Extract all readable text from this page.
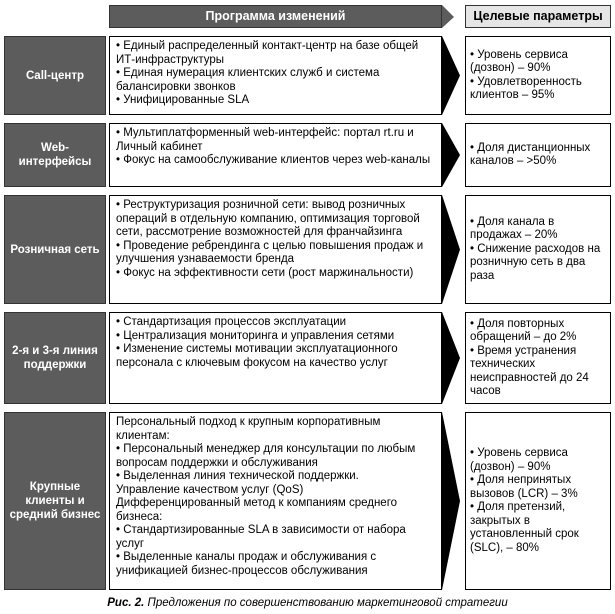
Программа изменений	Целевые параметры
Call-центр
• Единый распределенный контакт-центр на базе общей ИТ-инфраструктуры
• Единая нумерация клиентских служб и система балансировки звонков
• Унифицированные SLA
• Уровень сервиса (дозвон) – 90%
• Удовлетворенность клиентов – 95%
Web-интерфейсы
• Мультиплатформенный web-интерфейс: портал rt.ru и Личный кабинет
• Фокус на самообслуживание клиентов через web-каналы
• Доля дистанционных каналов – >50%
Розничная сеть
• Реструктуризация розничной сети: вывод розничных операций в отдельную компанию, оптимизация торговой сети, рассмотрение возможностей для франчайзинга
• Проведение ребрендинга с целью повышения продаж и улучшения узнаваемости бренда
• Фокус на эффективности сети (рост маржинальности)
• Доля канала в продажах – 20%
• Снижение расходов на розничную сеть в два раза
2-я и 3-я линия поддержки
• Стандартизация процессов эксплуатации
• Централизация мониторинга и управления сетями
• Изменение системы мотивации эксплуатационного персонала с ключевым фокусом на качество услуг
• Доля повторных обращений – до 2%
• Время устранения технических неисправностей до 24 часов
Крупные клиенты и средний бизнес
Персональный подход к крупным корпоративным клиентам:
• Персональный менеджер для консультации по любым вопросам поддержки и обслуживания
• Выделенная линия технической поддержки.
Управление качеством услуг (QoS)
Дифференцированный метод к компаниям среднего бизнеса:
• Стандартизированные SLA в зависимости от набора услуг
• Выделенные каналы продаж и обслуживания с унификацией бизнес-процессов обслуживания
• Уровень сервиса (дозвон) – 90%
• Доля непринятых вызовов (LCR) – 3%
• Доля претензий, закрытых в установленный срок (SLC), – 80%
Рис. 2. Предложения по совершенствованию маркетинговой стратегии
